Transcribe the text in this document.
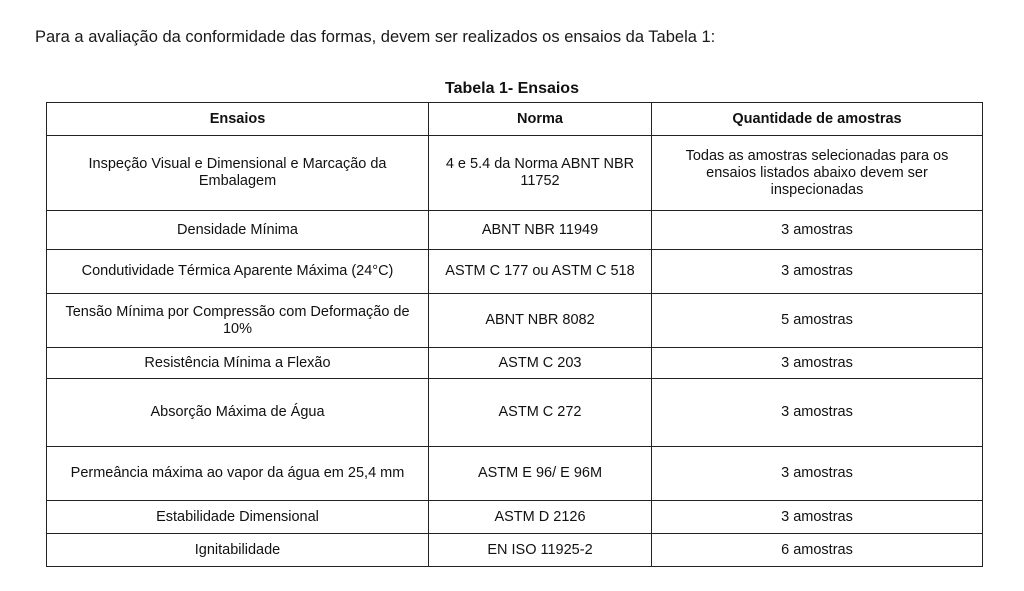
Para a avaliação da conformidade das formas, devem ser realizados os ensaios da Tabela 1:

Tabela 1- Ensaios
Ensaios	Norma	Quantidade de amostras
Inspeção Visual e Dimensional e Marcação da Embalagem	4 e 5.4 da Norma ABNT NBR 11752	Todas as amostras selecionadas para os ensaios listados abaixo devem ser inspecionadas
Densidade Mínima	ABNT NBR 11949	3 amostras
Condutividade Térmica Aparente Máxima (24°C)	ASTM C 177 ou ASTM C 518	3 amostras
Tensão Mínima por Compressão com Deformação de 10%	ABNT NBR 8082	5 amostras
Resistência Mínima a Flexão	ASTM C 203	3 amostras
Absorção Máxima de Água	ASTM C 272	3 amostras
Permeância máxima ao vapor da água em 25,4 mm	ASTM E 96/ E 96M	3 amostras
Estabilidade Dimensional	ASTM D 2126	3 amostras
Ignitabilidade	EN ISO 11925-2	6 amostras
